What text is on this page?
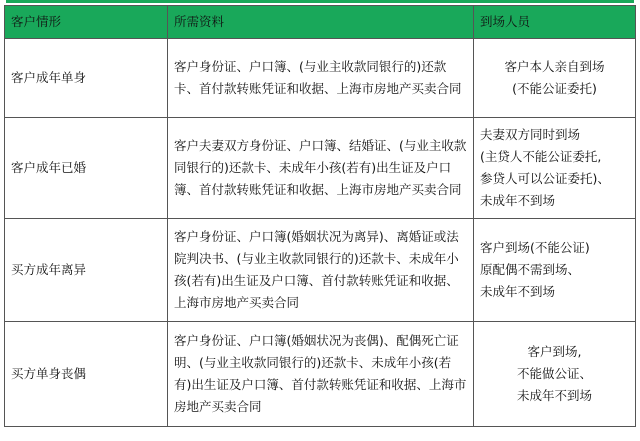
客户情形	所需资料	到场人员
客户成年单身	客户身份证、户口簿、(与业主收款同银行的)还款卡、首付款转账凭证和收据、上海市房地产买卖合同	客户本人亲自到场
(不能公证委托)

客户成年已婚	客户夫妻双方身份证、户口簿、结婚证、(与业主收款同银行的)还款卡、未成年小孩(若有)出生证及户口簿、首付款转账凭证和收据、上海市房地产买卖合同	夫妻双方同时到场
(主贷人不能公证委托,
参贷人可以公证委托)、
未成年不到场

买方成年离异	客户身份证、户口簿(婚姻状况为离异)、离婚证或法院判决书、(与业主收款同银行的)还款卡、未成年小孩(若有)出生证及户口簿、首付款转账凭证和收据、上海市房地产买卖合同	客户到场(不能公证)
原配偶不需到场、
未成年不到场

买方单身丧偶	客户身份证、户口簿(婚姻状况为丧偶)、配偶死亡证明、(与业主收款同银行的)还款卡、未成年小孩(若有)出生证及户口簿、首付款转账凭证和收据、上海市房地产买卖合同	客户到场,
不能做公证、
未成年不到场
